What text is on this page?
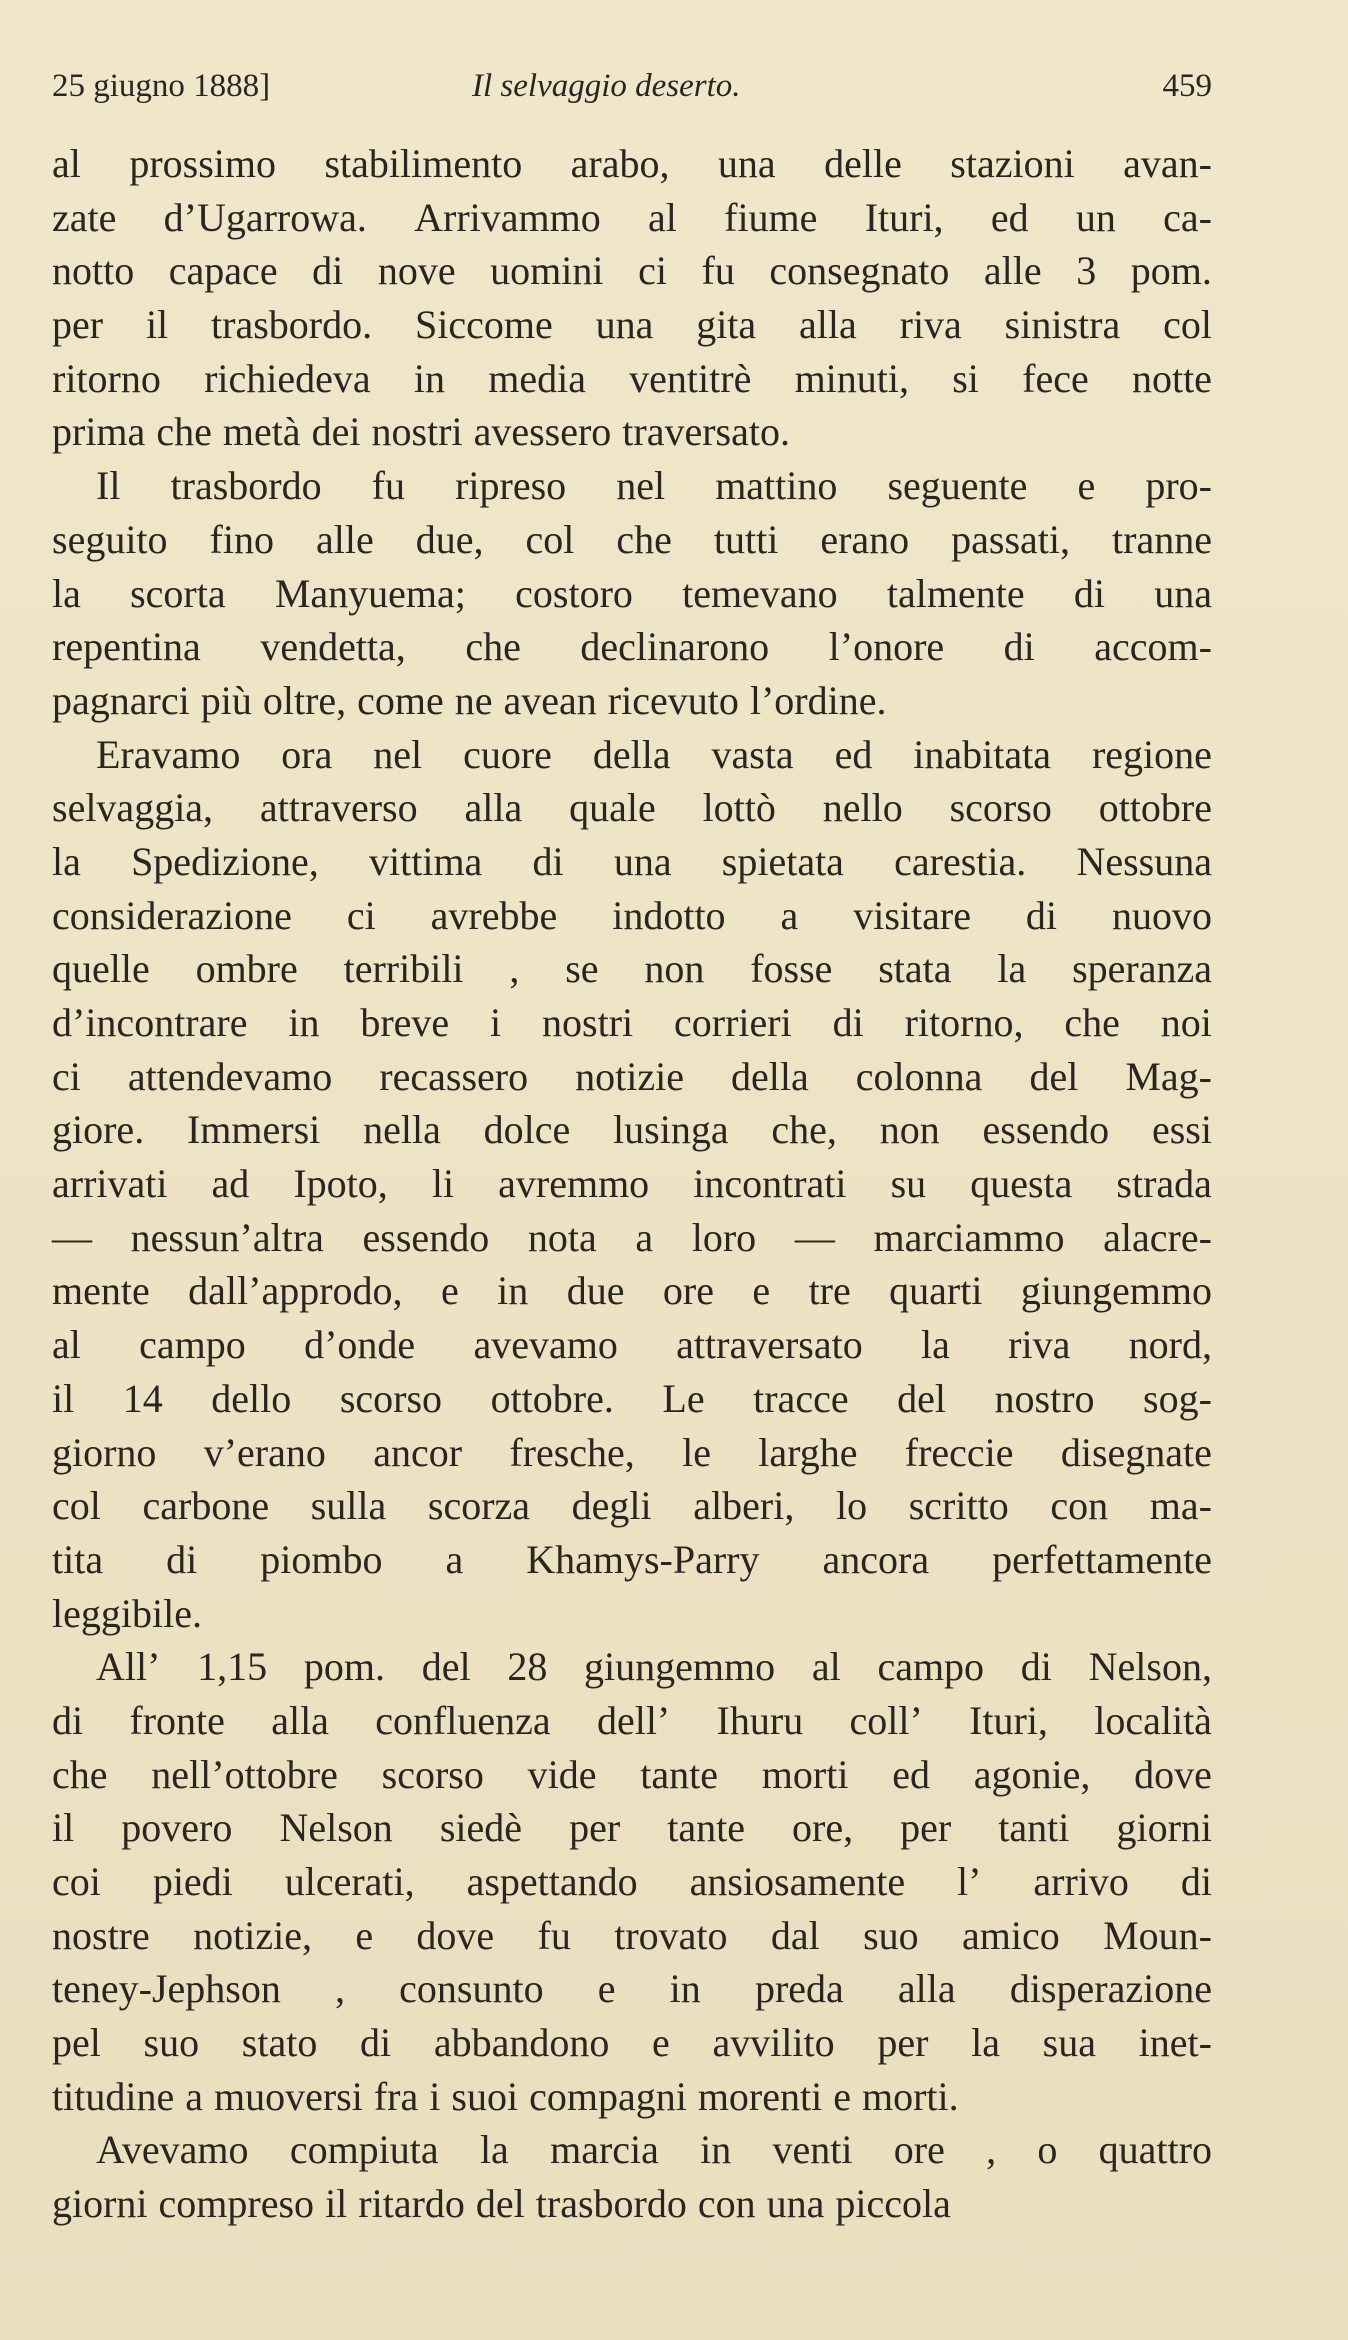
25 giugno 1888]	Il selvaggio deserto.	459
al prossimo stabilimento arabo, una delle stazioni avan-
zate d’Ugarrowa. Arrivammo al fiume Ituri, ed un ca-
notto capace di nove uomini ci fu consegnato alle 3 pom.
per il trasbordo. Siccome una gita alla riva sinistra col
ritorno richiedeva in media ventitrè minuti, si fece notte
prima che metà dei nostri avessero traversato.
Il trasbordo fu ripreso nel mattino seguente e pro-
seguito fino alle due, col che tutti erano passati, tranne
la scorta Manyuema; costoro temevano talmente di una
repentina vendetta, che declinarono l’onore di accom-
pagnarci più oltre, come ne avean ricevuto l’ordine.
Eravamo ora nel cuore della vasta ed inabitata regione
selvaggia, attraverso alla quale lottò nello scorso ottobre
la Spedizione, vittima di una spietata carestia. Nessuna
considerazione ci avrebbe indotto a visitare di nuovo
quelle ombre terribili , se non fosse stata la speranza
d’incontrare in breve i nostri corrieri di ritorno, che noi
ci attendevamo recassero notizie della colonna del Mag-
giore. Immersi nella dolce lusinga che, non essendo essi
arrivati ad Ipoto, li avremmo incontrati su questa strada
— nessun’altra essendo nota a loro — marciammo alacre-
mente dall’approdo, e in due ore e tre quarti giungemmo
al campo d’onde avevamo attraversato la riva nord,
il 14 dello scorso ottobre. Le tracce del nostro sog-
giorno v’erano ancor fresche, le larghe freccie disegnate
col carbone sulla scorza degli alberi, lo scritto con ma-
tita di piombo a Khamys-Parry ancora perfettamente
leggibile.
All’ 1,15 pom. del 28 giungemmo al campo di Nelson,
di fronte alla confluenza dell’ Ihuru coll’ Ituri, località
che nell’ottobre scorso vide tante morti ed agonie, dove
il povero Nelson siedè per tante ore, per tanti giorni
coi piedi ulcerati, aspettando ansiosamente l’ arrivo di
nostre notizie, e dove fu trovato dal suo amico Moun-
teney-Jephson , consunto e in preda alla disperazione
pel suo stato di abbandono e avvilito per la sua inet-
titudine a muoversi fra i suoi compagni morenti e morti.
Avevamo compiuta la marcia in venti ore , o quattro
giorni compreso il ritardo del trasbordo con una piccola
